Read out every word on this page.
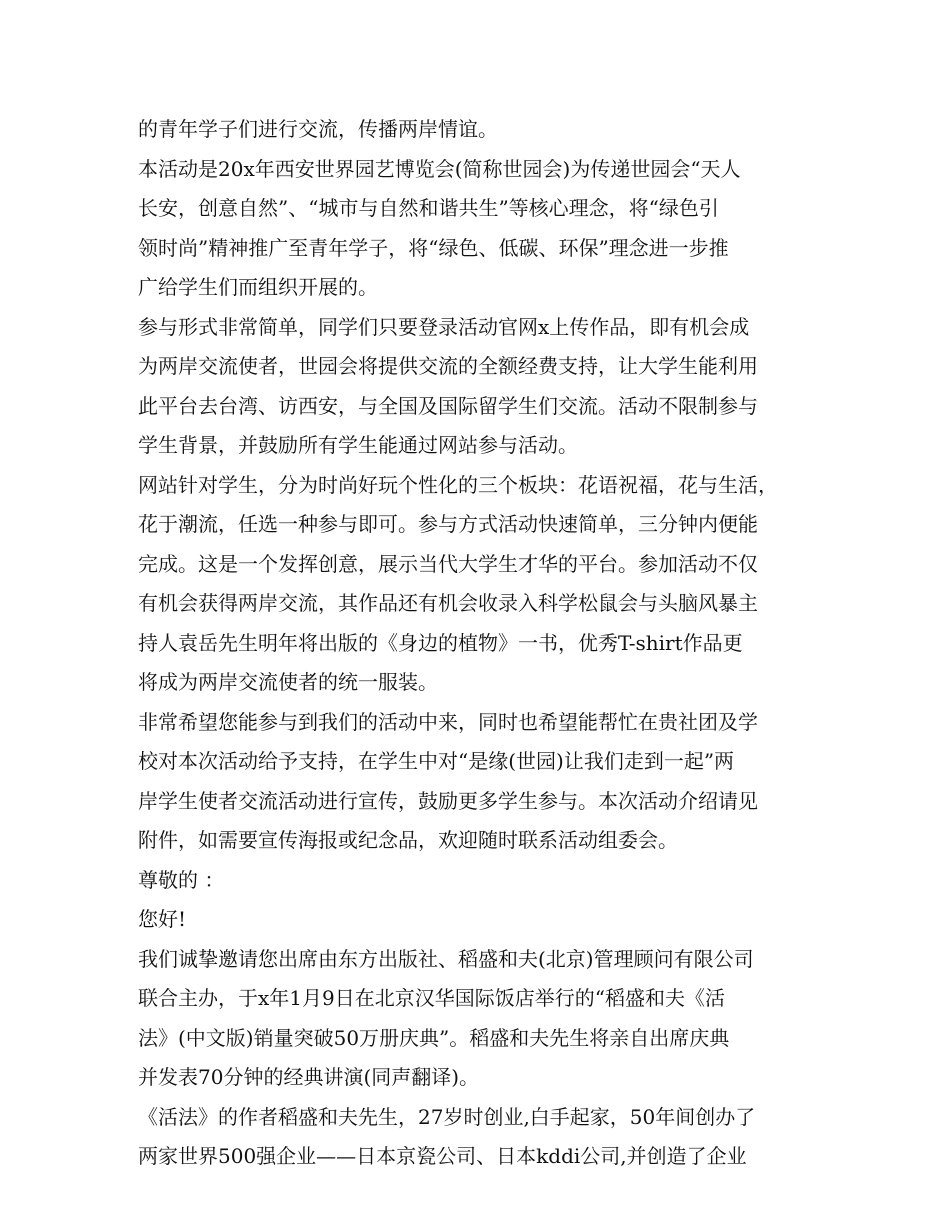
的青年学子们进行交流，传播两岸情谊。
本活动是20x年西安世界园艺博览会(简称世园会)为传递世园会“天人
长安，创意自然”、“城市与自然和谐共生”等核心理念，将“绿色引
领时尚”精神推广至青年学子，将“绿色、低碳、环保”理念进一步推
广给学生们而组织开展的。
参与形式非常简单，同学们只要登录活动官网x上传作品，即有机会成
为两岸交流使者，世园会将提供交流的全额经费支持，让大学生能利用
此平台去台湾、访西安，与全国及国际留学生们交流。活动不限制参与
学生背景，并鼓励所有学生能通过网站参与活动。
网站针对学生，分为时尚好玩个性化的三个板块：花语祝福，花与生活，
花于潮流，任选一种参与即可。参与方式活动快速简单，三分钟内便能
完成。这是一个发挥创意，展示当代大学生才华的平台。参加活动不仅
有机会获得两岸交流，其作品还有机会收录入科学松鼠会与头脑风暴主
持人袁岳先生明年将出版的《身边的植物》一书，优秀T-shirt作品更
将成为两岸交流使者的统一服装。
非常希望您能参与到我们的活动中来，同时也希望能帮忙在贵社团及学
校对本次活动给予支持，在学生中对“是缘(世园)让我们走到一起”两
岸学生使者交流活动进行宣传，鼓励更多学生参与。本次活动介绍请见
附件，如需要宣传海报或纪念品，欢迎随时联系活动组委会。
尊敬的 ：
您好!
我们诚挚邀请您出席由东方出版社、稻盛和夫(北京)管理顾问有限公司
联合主办，于x年1月9日在北京汉华国际饭店举行的“稻盛和夫《活
法》(中文版)销量突破50万册庆典”。稻盛和夫先生将亲自出席庆典
并发表70分钟的经典讲演(同声翻译)。
《活法》的作者稻盛和夫先生，27岁时创业,白手起家，50年间创办了
两家世界500强企业——日本京瓷公司、日本kddi公司,并创造了企业
